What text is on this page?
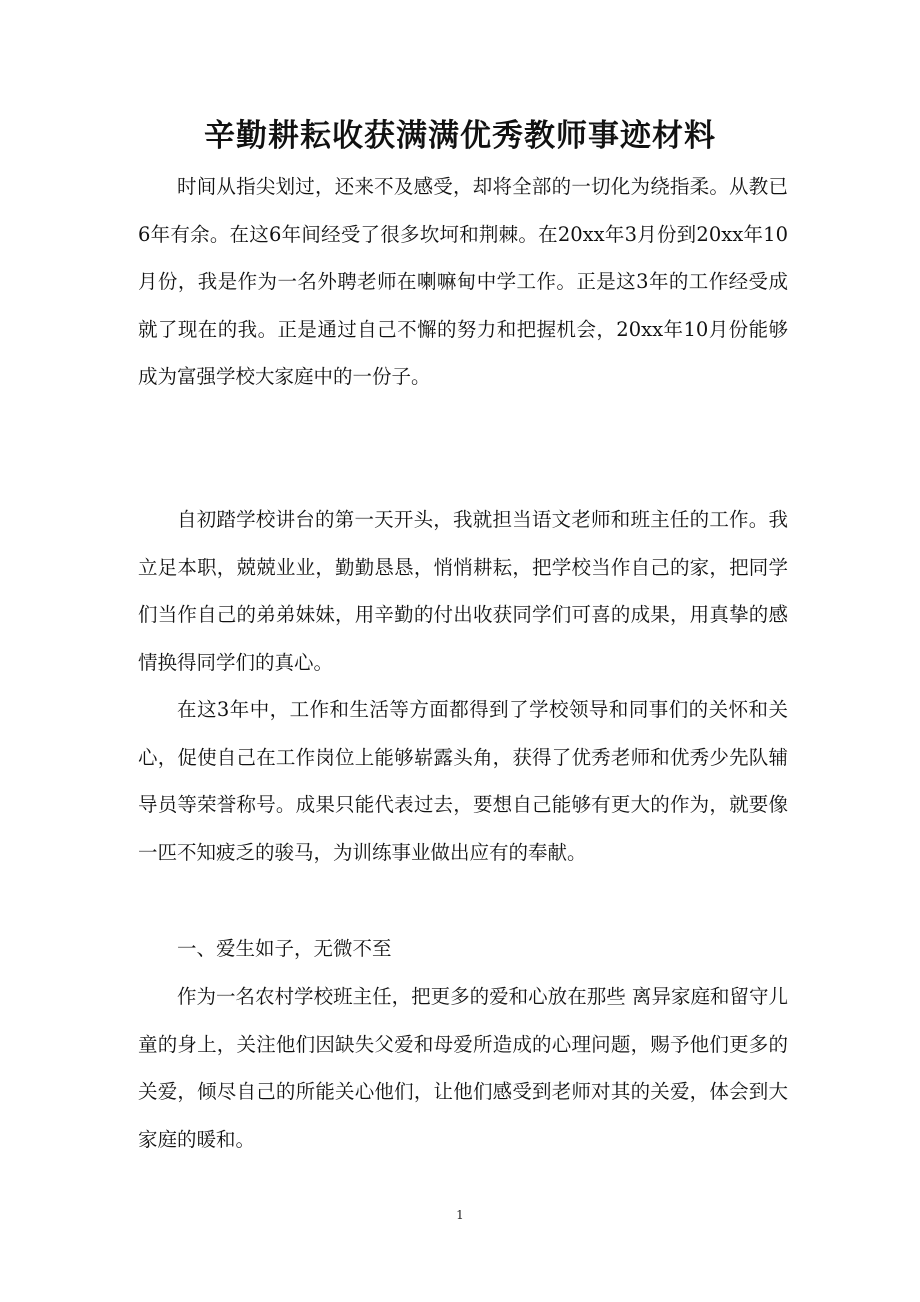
辛勤耕耘收获满满优秀教师事迹材料

时间从指尖划过，还来不及感受，却将全部的一切化为绕指柔。从教已6年有余。在这6年间经受了很多坎坷和荆棘。在20xx年3月份到20xx年10月份，我是作为一名外聘老师在喇嘛甸中学工作。正是这3年的工作经受成就了现在的我。正是通过自己不懈的努力和把握机会，20xx年10月份能够成为富强学校大家庭中的一份子。

自初踏学校讲台的第一天开头，我就担当语文老师和班主任的工作。我立足本职，兢兢业业，勤勤恳恳，悄悄耕耘，把学校当作自己的家，把同学们当作自己的弟弟妹妹，用辛勤的付出收获同学们可喜的成果，用真挚的感情换得同学们的真心。

在这3年中，工作和生活等方面都得到了学校领导和同事们的关怀和关心，促使自己在工作岗位上能够崭露头角，获得了优秀老师和优秀少先队辅导员等荣誉称号。成果只能代表过去，要想自己能够有更大的作为，就要像一匹不知疲乏的骏马，为训练事业做出应有的奉献。

一、爱生如子，无微不至

作为一名农村学校班主任，把更多的爱和心放在那些 离异家庭和留守儿童的身上，关注他们因缺失父爱和母爱所造成的心理问题，赐予他们更多的关爱，倾尽自己的所能关心他们，让他们感受到老师对其的关爱，体会到大家庭的暖和。

1
